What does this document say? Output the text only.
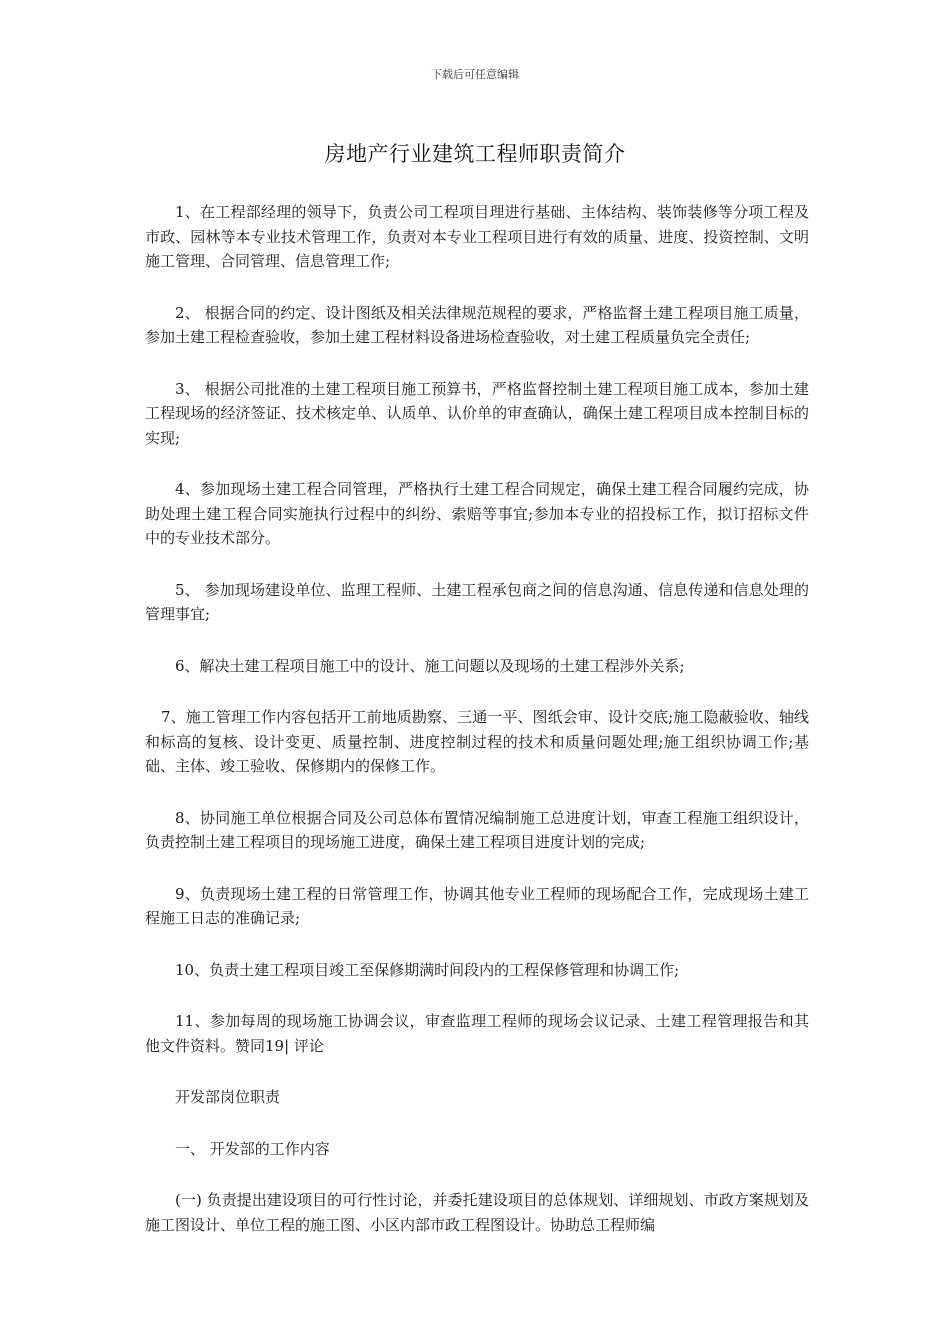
下载后可任意编辑
房地产行业建筑工程师职责简介

1、在工程部经理的领导下，负责公司工程项目理进行基础、主体结构、装饰装修等分项工程及市政、园林等本专业技术管理工作，负责对本专业工程项目进行有效的质量、进度、投资控制、文明施工管理、合同管理、信息管理工作;

2、 根据合同的约定、设计图纸及相关法律规范规程的要求，严格监督土建工程项目施工质量，参加土建工程检查验收，参加土建工程材料设备进场检查验收，对土建工程质量负完全责任;

3、 根据公司批准的土建工程项目施工预算书，严格监督控制土建工程项目施工成本，参加土建工程现场的经济签证、技术核定单、认质单、认价单的审查确认，确保土建工程项目成本控制目标的实现;

4、参加现场土建工程合同管理，严格执行土建工程合同规定，确保土建工程合同履约完成，协助处理土建工程合同实施执行过程中的纠纷、索赔等事宜;参加本专业的招投标工作，拟订招标文件中的专业技术部分。

5、 参加现场建设单位、监理工程师、土建工程承包商之间的信息沟通、信息传递和信息处理的管理事宜;

6、解决土建工程项目施工中的设计、施工问题以及现场的土建工程涉外关系;

7、施工管理工作内容包括开工前地质勘察、三通一平、图纸会审、设计交底;施工隐蔽验收、轴线和标高的复核、设计变更、质量控制、进度控制过程的技术和质量问题处理;施工组织协调工作;基础、主体、竣工验收、保修期内的保修工作。

8、协同施工单位根据合同及公司总体布置情况编制施工总进度计划，审查工程施工组织设计，负责控制土建工程项目的现场施工进度，确保土建工程项目进度计划的完成;

9、负责现场土建工程的日常管理工作，协调其他专业工程师的现场配合工作，完成现场土建工程施工日志的准确记录;

10、负责土建工程项目竣工至保修期满时间段内的工程保修管理和协调工作;

11、参加每周的现场施工协调会议，审查监理工程师的现场会议记录、土建工程管理报告和其他文件资料。赞同19| 评论

开发部岗位职责

一、 开发部的工作内容

(一) 负责提出建设项目的可行性讨论，并委托建设项目的总体规划、详细规划、市政方案规划及施工图设计、单位工程的施工图、小区内部市政工程图设计。协助总工程师编
